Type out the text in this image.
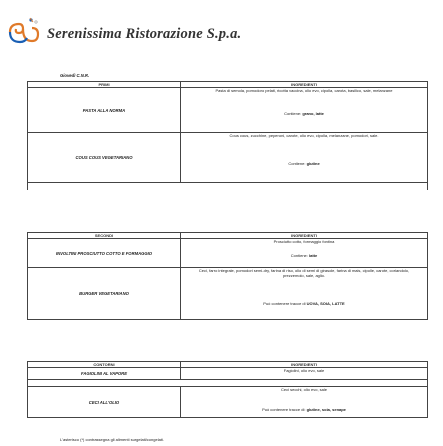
Serenissima Ristorazione S.p.a.
Giovedì C.N.R.
PRIMI	INGREDIENTI

PASTA ALLA NORMA	Pasta di semola, pomodoro pelati, ricotta vaccina, olio evo, cipolla, carota, basilico, sale, melanzane
Contiene: grano, latte

COUS COUS VEGETARIANO	Cous cous, zucchine, peperoni, carote, olio evo, cipolla, melanzane, pomodori, sale.
Contiene: glutine

SECONDI	INGREDIENTI

INVOLTINI PROSCIUTTO COTTO E FORMAGGIO	Prosciutto cotto, formaggio fontina
Contiene: latte

BURGER VEGETARIANO	Ceci, farro integrale, pomodori semi-dry, farina di riso, olio di semi di girasole, farina di mais, cipolle, carote, coriandolo, prezzemolo, sale, aglio.
Può contenere tracce di UOVA, SOIA, LATTE
CONTORNI	INGREDIENTI

FAGIOLINI AL VAPORE	Fagiolini, olio evo, sale

CECI ALL'OLIO	Ceci secchi, olio evo, sale
Può contenere tracce di: glutine, soia, senape
L'asterisco (*) contrassegna gli alimenti surgelati/congelati.
